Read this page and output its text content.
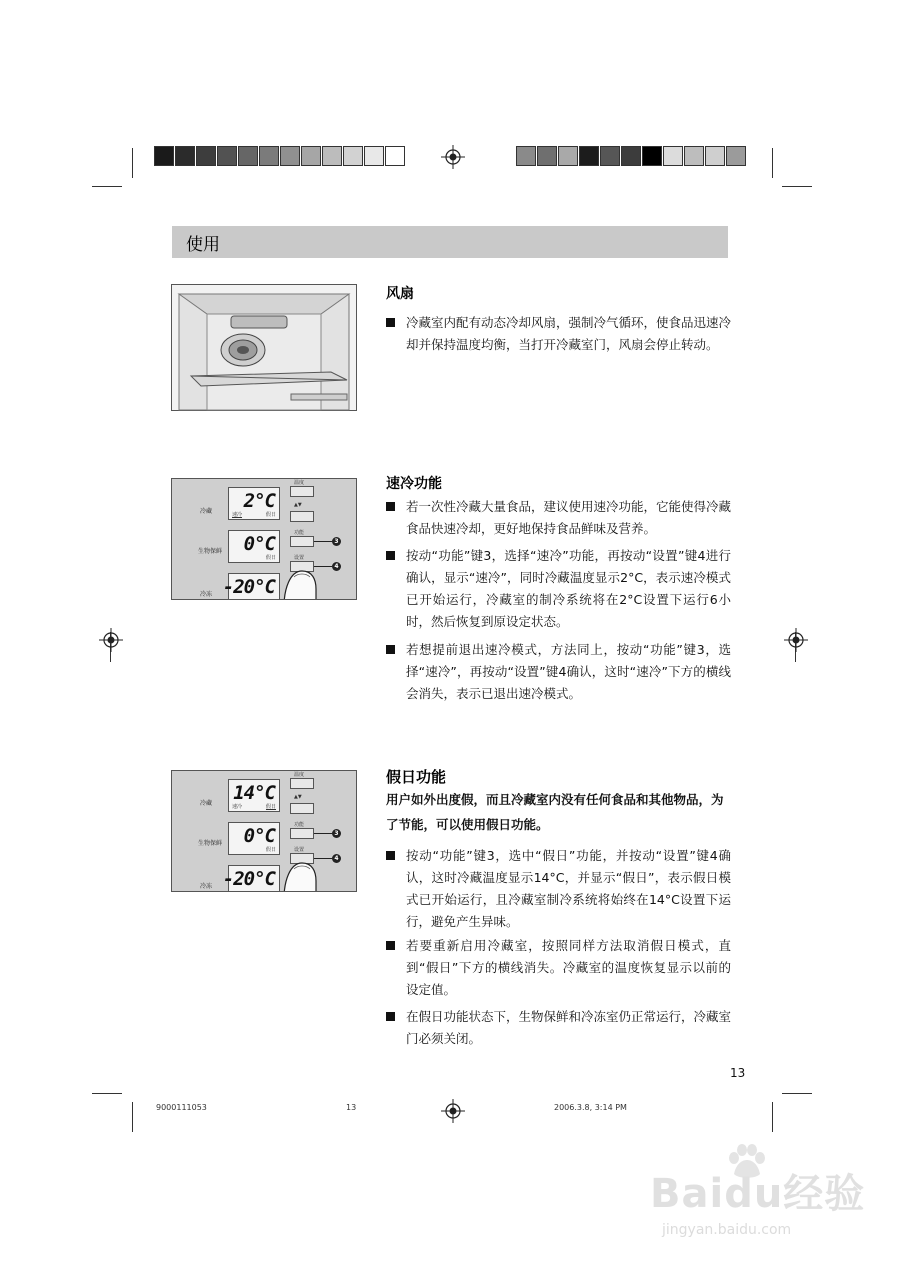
使用
风扇
冷藏室内配有动态冷却风扇，强制冷气循环，使食品迅速冷却并保持温度均衡，当打开冷藏室门，风扇会停止转动。
冷藏
生物保鲜
冷冻
2°C
速冷	假日
0°C
假日
-20°C
温度
▲▼
功能
设置
3
4
速冷功能
若一次性冷藏大量食品，建议使用速冷功能，它能使得冷藏食品快速冷却，更好地保持食品鲜味及营养。
按动“功能”键3，选择“速冷”功能，再按动“设置”键4进行确认，显示“速冷”，同时冷藏温度显示2°C，表示速冷模式已开始运行，冷藏室的制冷系统将在2°C设置下运行6小时，然后恢复到原设定状态。
若想提前退出速冷模式，方法同上，按动“功能”键3，选择“速冷”，再按动“设置”键4确认，这时“速冷”下方的横线会消失，表示已退出速冷模式。
冷藏
生物保鲜
冷冻
14°C
速冷	假日
0°C
假日
-20°C
温度
▲▼
功能
设置
3
4
假日功能
用户如外出度假，而且冷藏室内没有任何食品和其他物品，为了节能，可以使用假日功能。
按动“功能”键3，选中“假日”功能，并按动“设置”键4确认，这时冷藏温度显示14°C，并显示“假日”，表示假日模式已开始运行，且冷藏室制冷系统将始终在14°C设置下运行，避免产生异味。
若要重新启用冷藏室，按照同样方法取消假日模式，直到“假日”下方的横线消失。冷藏室的温度恢复显示以前的设定值。
在假日功能状态下，生物保鲜和冷冻室仍正常运行，冷藏室门必须关闭。
13
9000111053	13	2006.3.8, 3:14 PM
Baidu经验
jingyan.baidu.com
